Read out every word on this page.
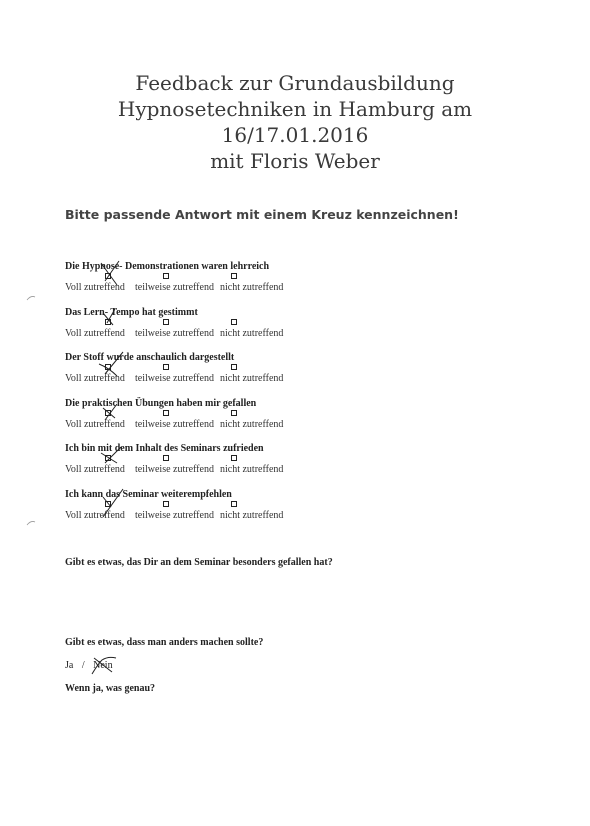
Feedback zur Grundausbildung
Hypnosetechniken in Hamburg am
16/17.01.2016
mit Floris Weber
Bitte passende Antwort mit einem Kreuz kennzeichnen!
Die Hypnose- Demonstrationen waren lehrreich
Voll zutreffend teilweise zutreffend nicht zutreffend
Das Lern- Tempo hat gestimmt
Voll zutreffend teilweise zutreffend nicht zutreffend
Der Stoff wurde anschaulich dargestellt
Voll zutreffend teilweise zutreffend nicht zutreffend
Die praktischen Übungen haben mir gefallen
Voll zutreffend teilweise zutreffend nicht zutreffend
Ich bin mit dem Inhalt des Seminars zufrieden
Voll zutreffend teilweise zutreffend nicht zutreffend
Ich kann das Seminar weiterempfehlen
Voll zutreffend teilweise zutreffend nicht zutreffend
Gibt es etwas, das Dir an dem Seminar besonders gefallen hat?
Gibt es etwas, dass man anders machen sollte?
Ja / Nein
Wenn ja, was genau?
